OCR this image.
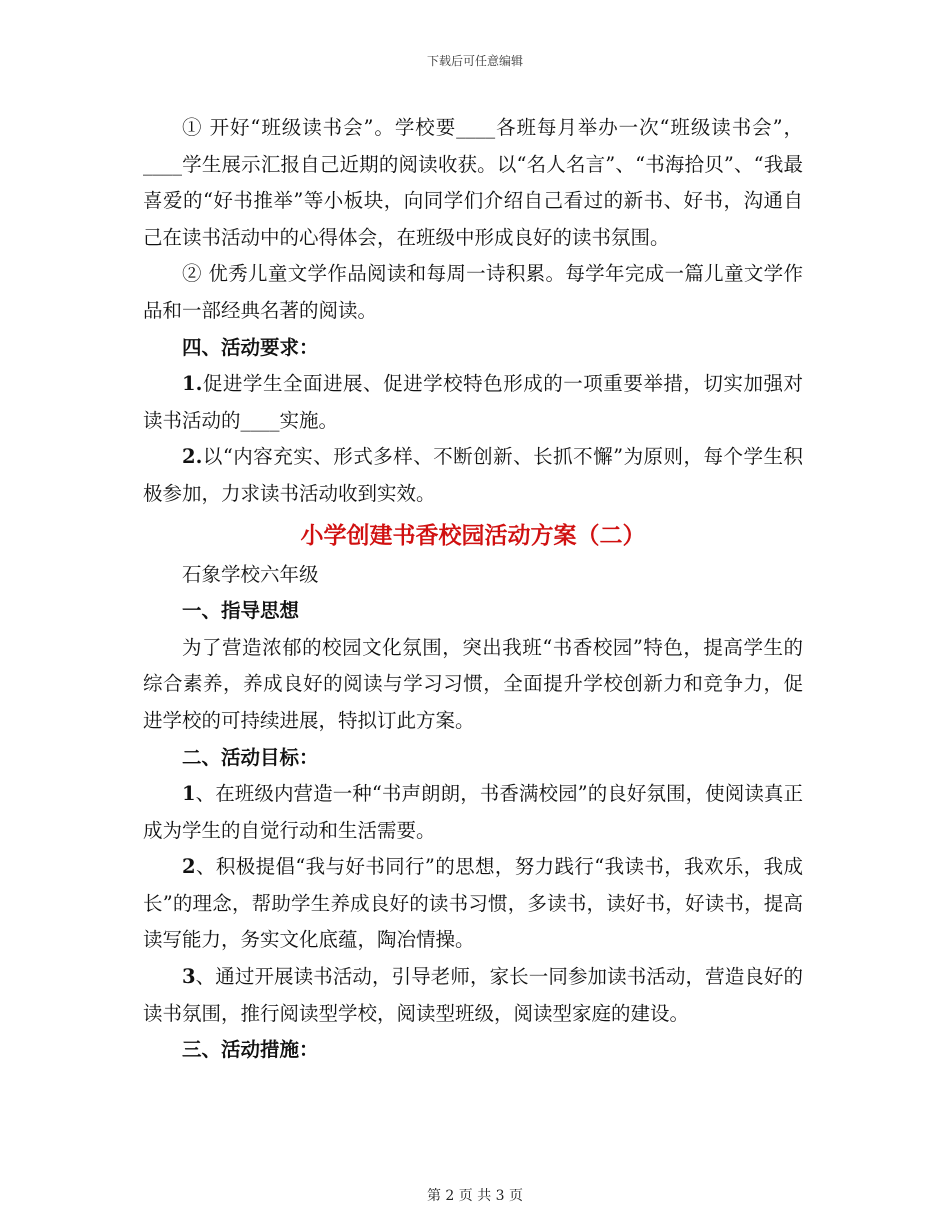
下载后可任意编辑

① 开好“班级读书会”。学校要____各班每月举办一次“班级读书会”，____学生展示汇报自己近期的阅读收获。以“名人名言”、“书海拾贝”、“我最喜爱的“好书推举”等小板块，向同学们介绍自己看过的新书、好书，沟通自己在读书活动中的心得体会，在班级中形成良好的读书氛围。

② 优秀儿童文学作品阅读和每周一诗积累。每学年完成一篇儿童文学作品和一部经典名著的阅读。

四、活动要求：

1.促进学生全面进展、促进学校特色形成的一项重要举措，切实加强对读书活动的____实施。

2.以“内容充实、形式多样、不断创新、长抓不懈”为原则，每个学生积极参加，力求读书活动收到实效。

小学创建书香校园活动方案（二）

石象学校六年级

一、指导思想

为了营造浓郁的校园文化氛围，突出我班“书香校园”特色，提高学生的综合素养，养成良好的阅读与学习习惯，全面提升学校创新力和竞争力，促进学校的可持续进展，特拟订此方案。

二、活动目标：

1、在班级内营造一种“书声朗朗，书香满校园”的良好氛围，使阅读真正成为学生的自觉行动和生活需要。

2、积极提倡“我与好书同行”的思想，努力践行“我读书，我欢乐，我成长”的理念，帮助学生养成良好的读书习惯，多读书，读好书，好读书，提高读写能力，务实文化底蕴，陶冶情操。

3、通过开展读书活动，引导老师，家长一同参加读书活动，营造良好的读书氛围，推行阅读型学校，阅读型班级，阅读型家庭的建设。

三、活动措施：

第 2 页 共 3 页
